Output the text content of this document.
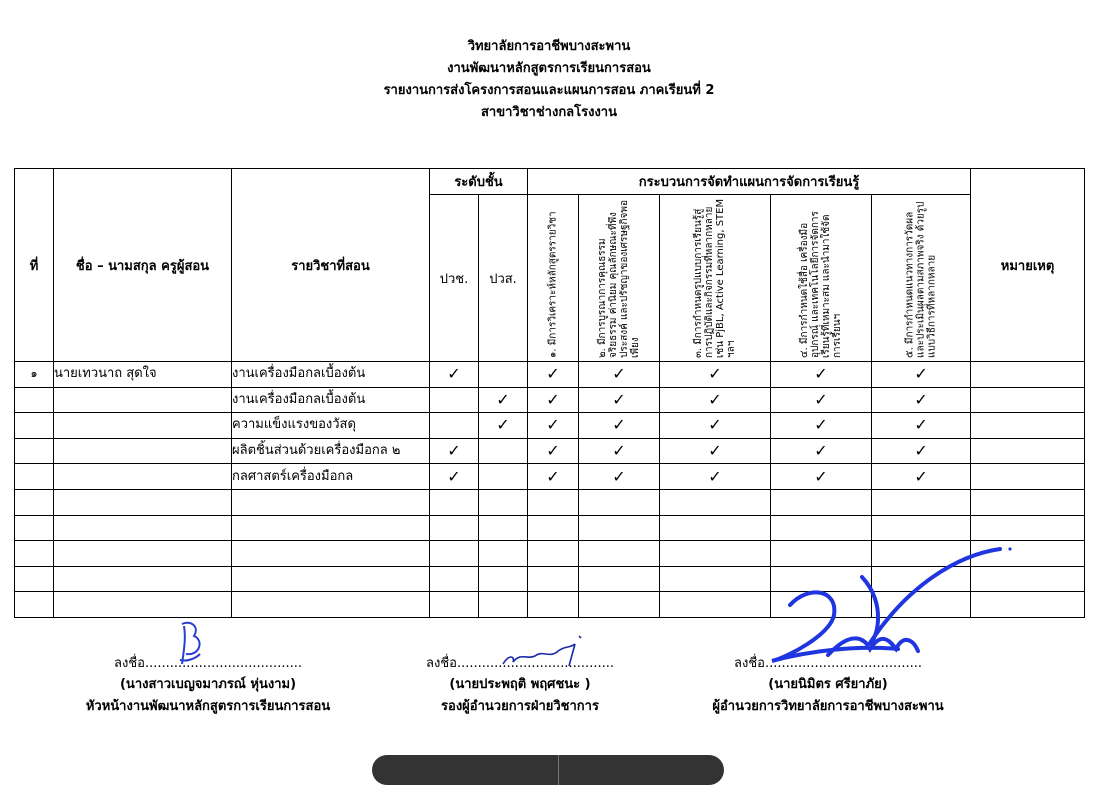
วิทยาลัยการอาชีพบางสะพาน
งานพัฒนาหลักสูตรการเรียนการสอน
รายงานการส่งโครงการสอนและแผนการสอน ภาคเรียนที่ 2
สาขาวิชาช่างกลโรงงาน
ที่	ชื่อ – นามสกุล ครูผู้สอน	รายวิชาที่สอน	ระดับชั้น		กระบวนการจัดทำแผนการจัดการเรียนรู้					หมายเหตุ
			ปวช.	ปวส.	๑. มีการวิเคราะห์หลักสูตรรายวิชา	๒. มีการบูรณาการคุณธรรม จริยธรรม ค่านิยม คุณลักษณะที่พึงประสงค์ และปรัชญาของเศรษฐกิจพอเพียง	๓. มีการกำหนดรูปแบบการเรียนรู้สู่การปฏิบัติและกิจกรรมที่หลากหลาย เช่น PjBL, Active Learning, STEM ฯลฯ	๔. มีการกำหนดใช้สื่อ เครื่องมือ อุปกรณ์ และเทคโนโลยีการจัดการเรียนรู้ที่เหมาะสม และนำมาใช้จัดการเรียนฯ	๕. มีการกำหนดแนวทางการวัดผลและประเมินผลตามสภาพจริง ด้วยรูปแบบวิธีการที่หลากหลาย	

๑	นายเทวนาถ สุดใจ	งานเครื่องมือกลเบื้องต้น	✓		✓	✓	✓	✓	✓	
		งานเครื่องมือกลเบื้องต้น		✓	✓	✓	✓	✓	✓	
		ความแข็งแรงของวัสดุ		✓	✓	✓	✓	✓	✓	
		ผลิตชิ้นส่วนด้วยเครื่องมือกล ๒	✓		✓	✓	✓	✓	✓	
		กลศาสตร์เครื่องมือกล	✓		✓	✓	✓	✓	✓	

ลงชื่อ......................................
(นางสาวเบญจมาภรณ์ หุ่นงาม)
หัวหน้างานพัฒนาหลักสูตรการเรียนการสอน
ลงชื่อ......................................
(นายประพฤติ พฤศชนะ )
รองผู้อำนวยการฝ่ายวิชาการ
ลงชื่อ......................................
(นายนิมิตร ศรียาภัย)
ผู้อำนวยการวิทยาลัยการอาชีพบางสะพาน
